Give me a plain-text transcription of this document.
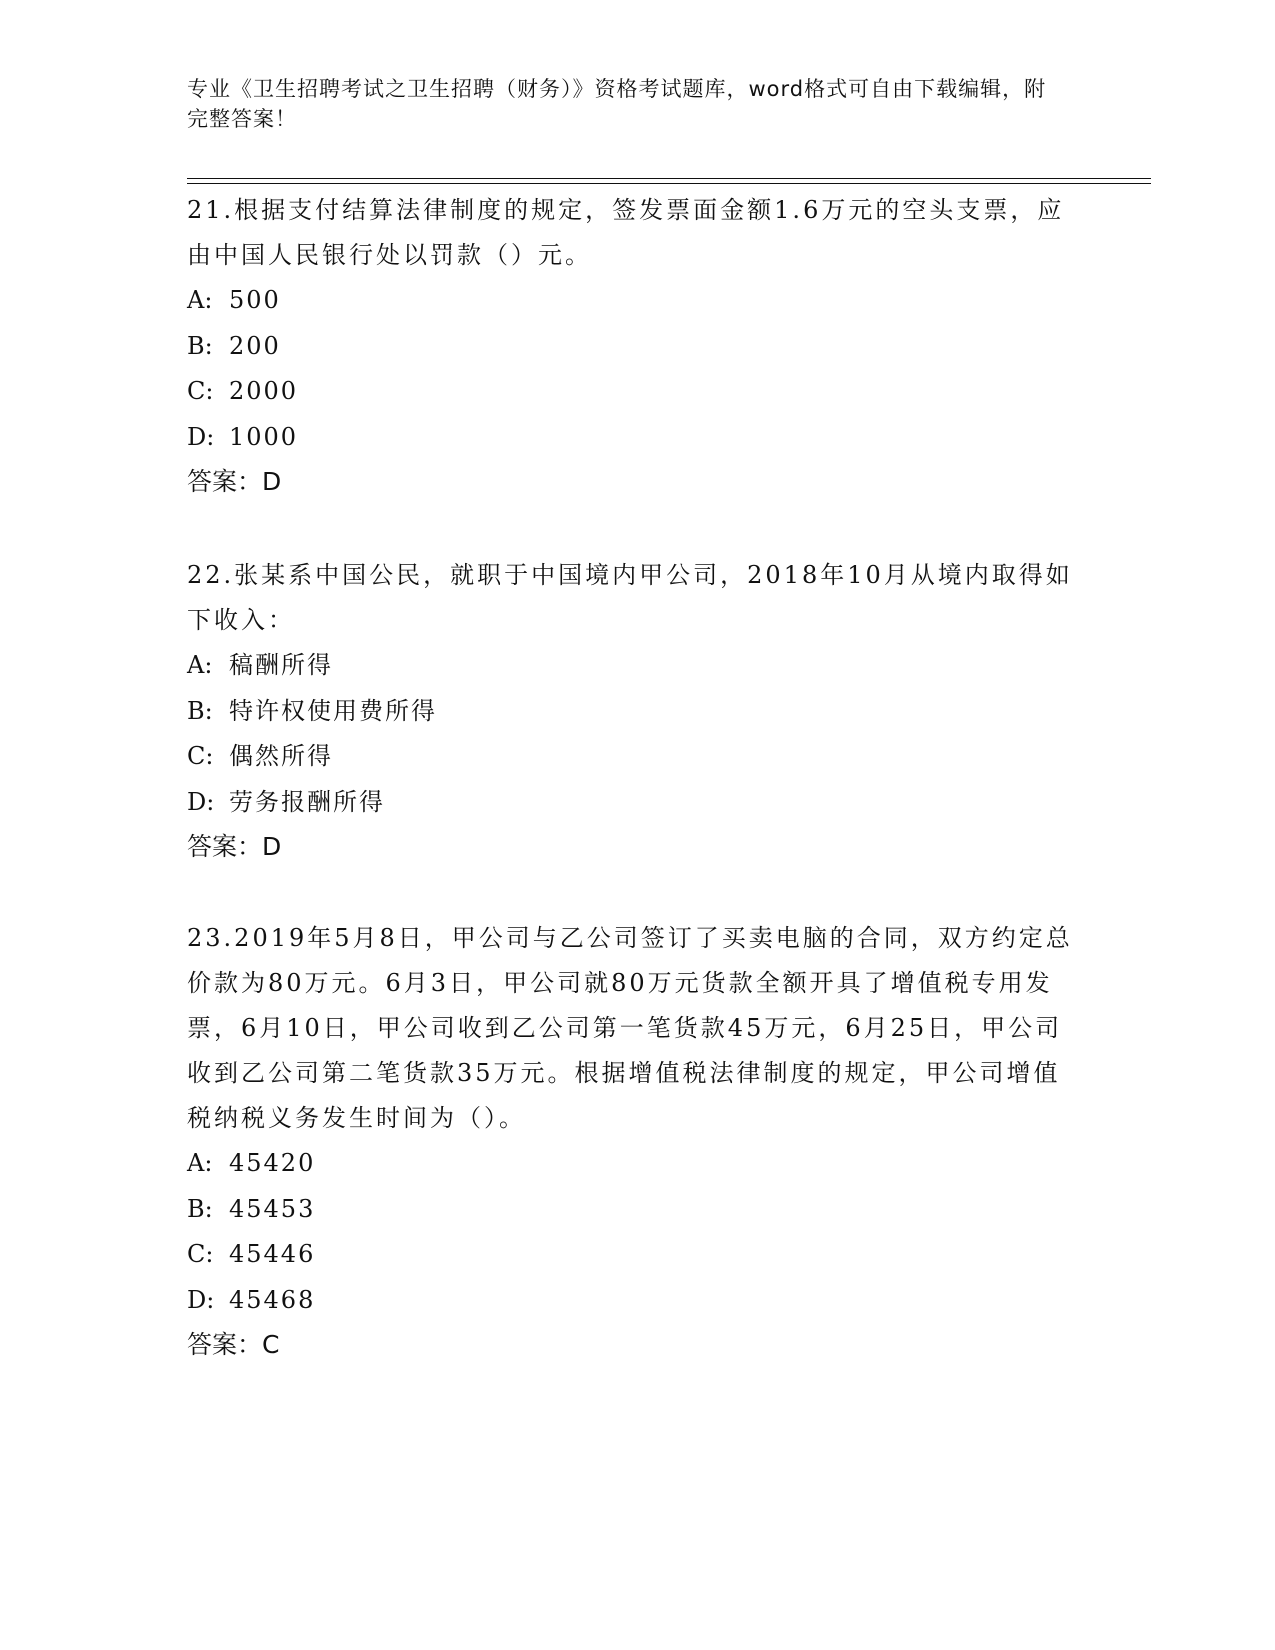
专业《卫生招聘考试之卫生招聘（财务）》资格考试题库，word格式可自由下载编辑，附完整答案！
21.根据支付结算法律制度的规定，签发票面金额1.6万元的空头支票，应由中国人民银行处以罚款（）元。
A: 500
B: 200
C: 2000
D: 1000
答案：D
22.张某系中国公民，就职于中国境内甲公司，2018年10月从境内取得如下收入：
A: 稿酬所得
B: 特许权使用费所得
C: 偶然所得
D: 劳务报酬所得
答案：D
23.2019年5月8日，甲公司与乙公司签订了买卖电脑的合同，双方约定总价款为80万元。6月3日，甲公司就80万元货款全额开具了增值税专用发票，6月10日，甲公司收到乙公司第一笔货款45万元，6月25日，甲公司收到乙公司第二笔货款35万元。根据增值税法律制度的规定，甲公司增值税纳税义务发生时间为（）。
A: 45420
B: 45453
C: 45446
D: 45468
答案：C
